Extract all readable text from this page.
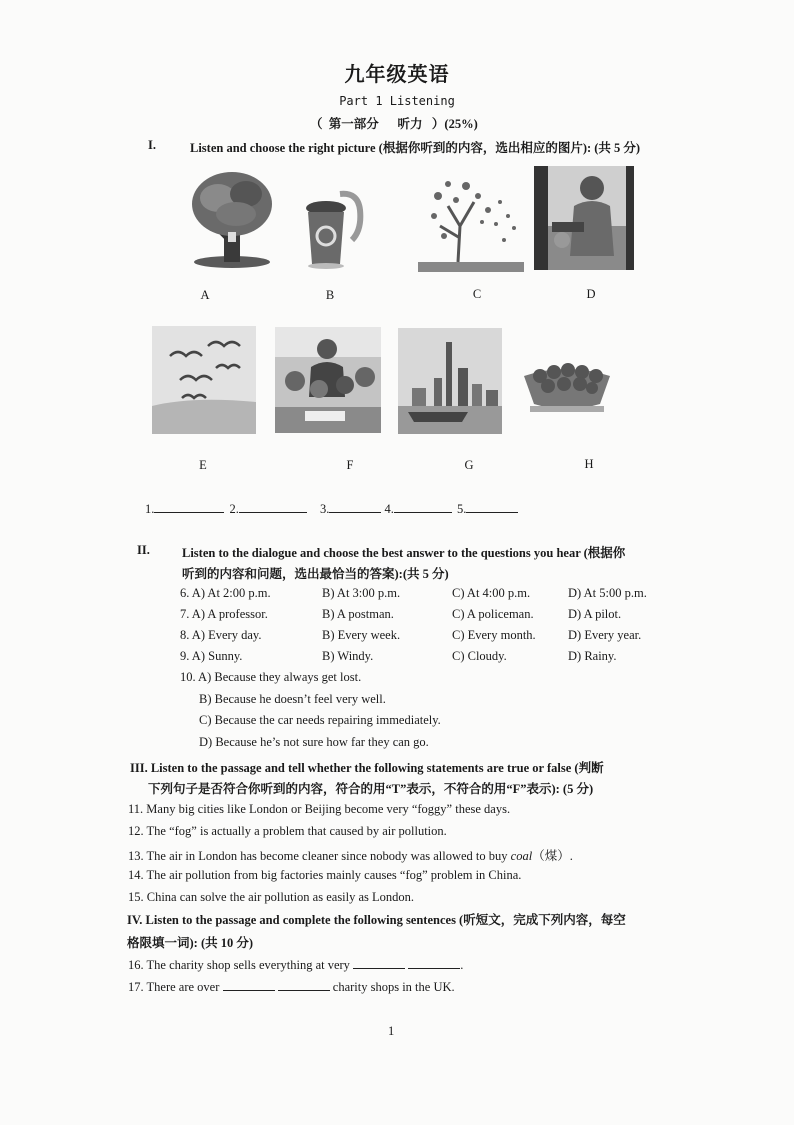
九年级英语
Part 1 Listening
（ 第一部分 听力 ）(25%)
I.	Listen and choose the right picture (根据你听到的内容，选出相应的图片): (共 5 分)
A	B	C	D
E	F	G	H
1.	2.	3.	4.	5.
II.	Listen to the dialogue and choose the best answer to the questions you hear (根据你
听到的内容和问题，选出最恰当的答案):(共 5 分)
6. A) At 2:00 p.m.	B) At 3:00 p.m.	C) At 4:00 p.m.	D) At 5:00 p.m.
7. A) A professor.	B) A postman.	C) A policeman.	D) A pilot.
8. A) Every day.	B) Every week.	C) Every month.	D) Every year.
9. A) Sunny.	B) Windy.	C) Cloudy.	D) Rainy.
10. A) Because they always get lost.
B) Because he doesn’t feel very well.
C) Because the car needs repairing immediately.
D) Because he’s not sure how far they can go.
III. Listen to the passage and tell whether the following statements are true or false (判断
下列句子是否符合你听到的内容，符合的用“T”表示，不符合的用“F”表示): (5 分)
11. Many big cities like London or Beijing become very “foggy” these days.
12. The “fog” is actually a problem that caused by air pollution.
13. The air in London has become cleaner since nobody was allowed to buy coal（煤）.
14. The air pollution from big factories mainly causes “fog” problem in China.
15. China can solve the air pollution as easily as London.
IV. Listen to the passage and complete the following sentences (听短文，完成下列内容，每空
格限填一词): (共 10 分)
16. The charity shop sells everything at very	.
17. There are over	charity shops in the UK.
1
